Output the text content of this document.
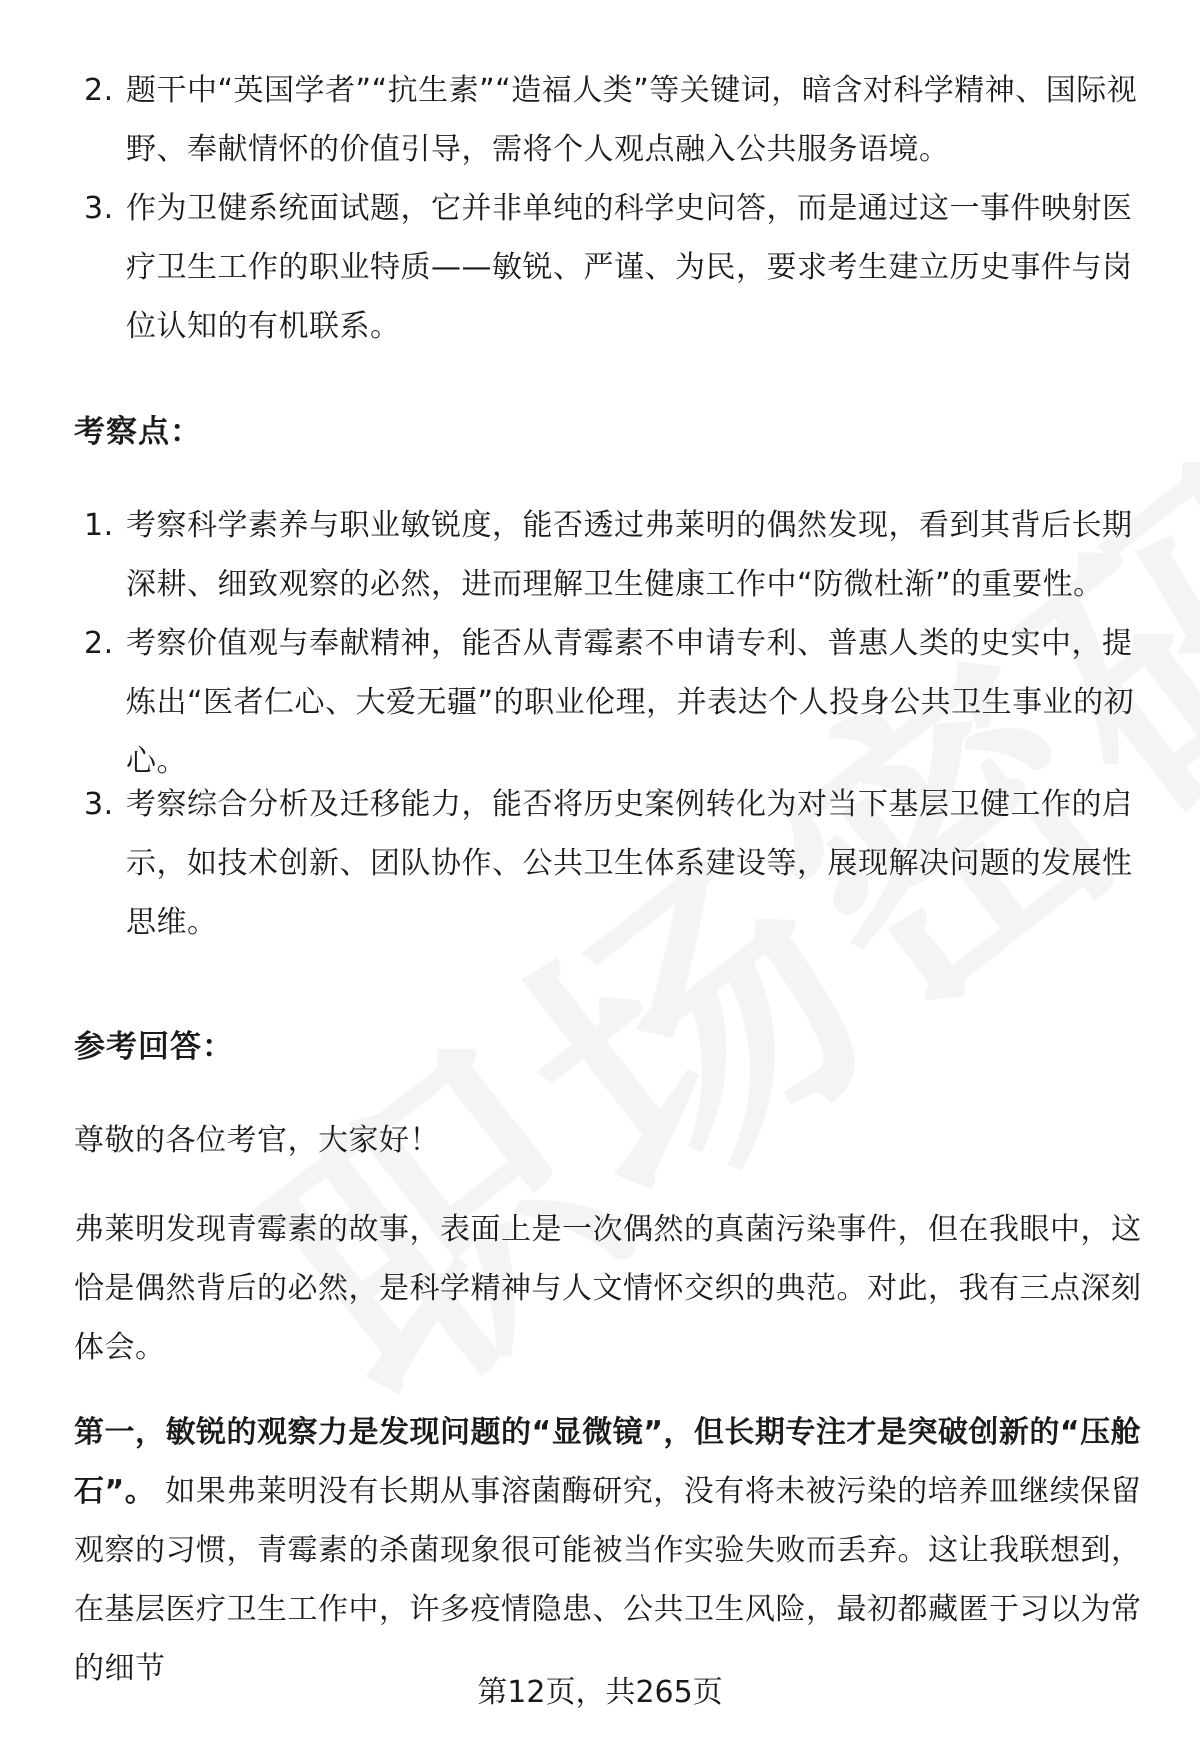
2. 题干中“英国学者”“抗生素”“造福人类”等关键词，暗含对科学精神、国际视野、奉献情怀的价值引导，需将个人观点融入公共服务语境。
3. 作为卫健系统面试题，它并非单纯的科学史问答，而是通过这一事件映射医疗卫生工作的职业特质——敏锐、严谨、为民，要求考生建立历史事件与岗位认知的有机联系。
考察点：
1. 考察科学素养与职业敏锐度，能否透过弗莱明的偶然发现，看到其背后长期深耕、细致观察的必然，进而理解卫生健康工作中“防微杜渐”的重要性。
2. 考察价值观与奉献精神，能否从青霉素不申请专利、普惠人类的史实中，提炼出“医者仁心、大爱无疆”的职业伦理，并表达个人投身公共卫生事业的初心。
3. 考察综合分析及迁移能力，能否将历史案例转化为对当下基层卫健工作的启示，如技术创新、团队协作、公共卫生体系建设等，展现解决问题的发展性思维。
参考回答：
尊敬的各位考官，大家好！
弗莱明发现青霉素的故事，表面上是一次偶然的真菌污染事件，但在我眼中，这恰是偶然背后的必然，是科学精神与人文情怀交织的典范。对此，我有三点深刻体会。
第一，敏锐的观察力是发现问题的“显微镜”，但长期专注才是突破创新的“压舱石”。 如果弗莱明没有长期从事溶菌酶研究，没有将未被污染的培养皿继续保留观察的习惯，青霉素的杀菌现象很可能被当作实验失败而丢弃。这让我联想到，在基层医疗卫生工作中，许多疫情隐患、公共卫生风险，最初都藏匿于习以为常的细节
第12页，共265页
